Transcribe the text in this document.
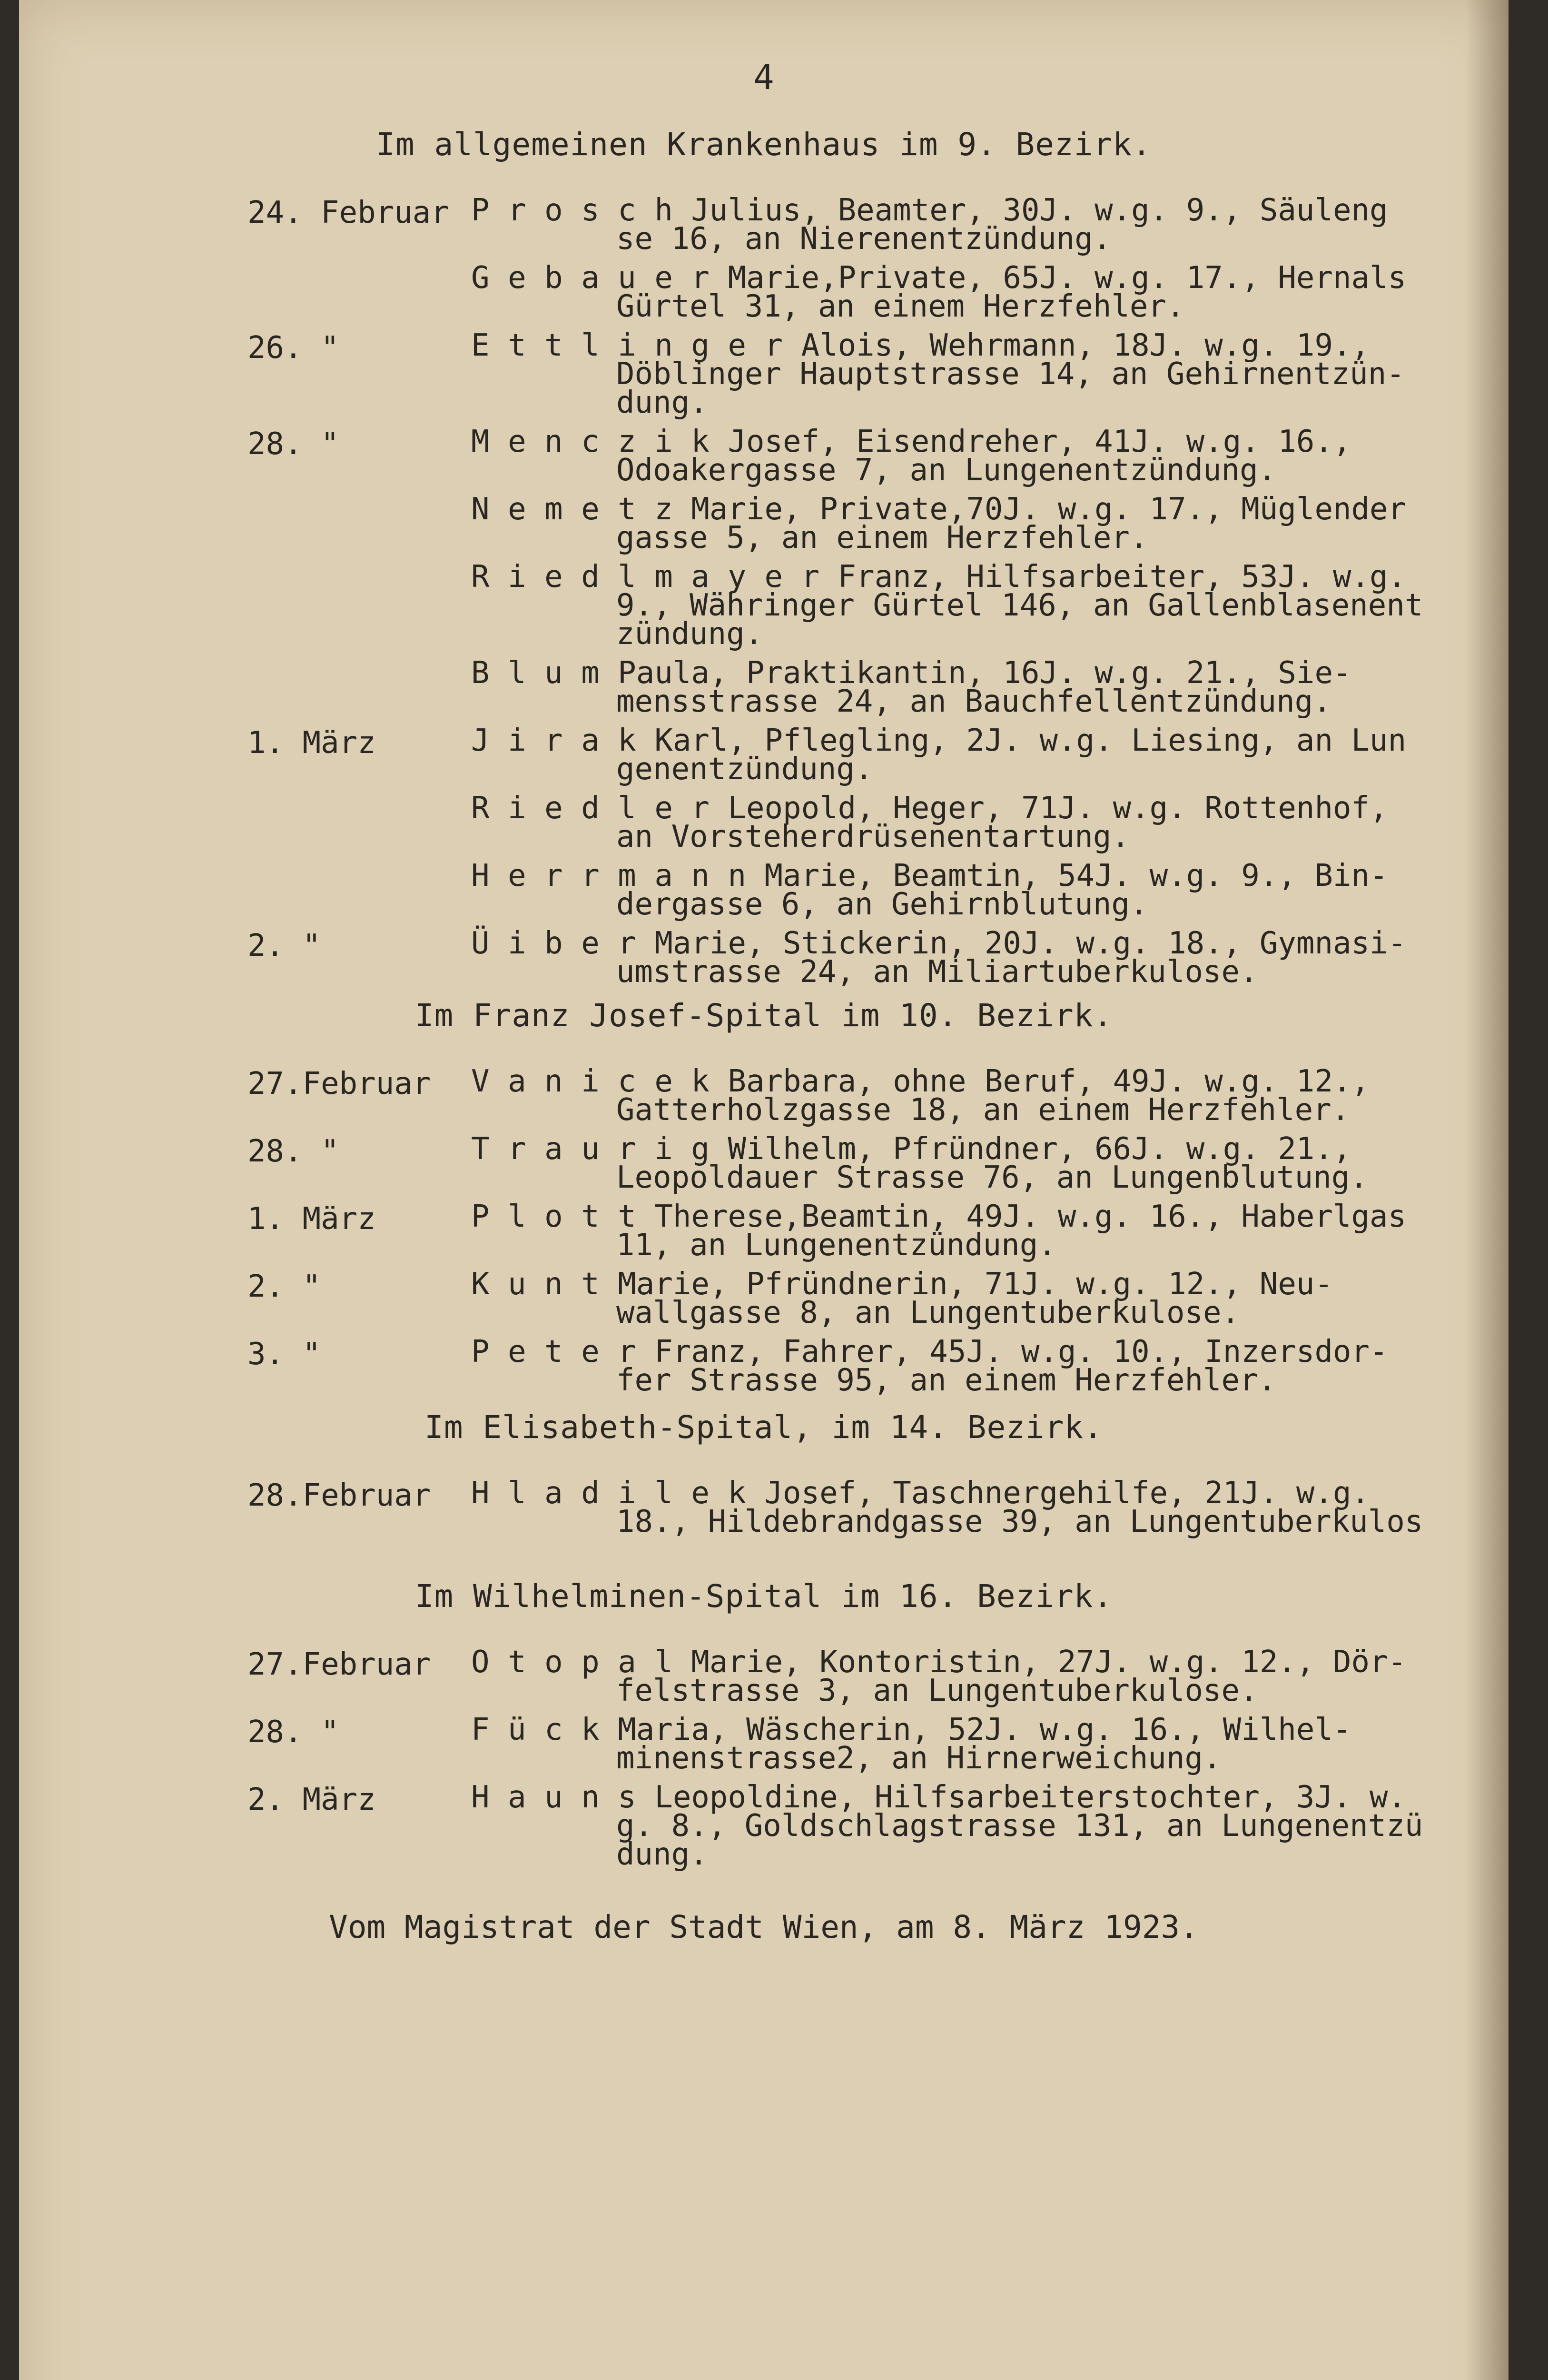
4
Vom Magistrat der Stadt Wien, am 8. März 1923.
Im allgemeinen Krankenhaus im 9. Bezirk.
24. Februar P r o s c h Julius, Beamter, 30J. w.g. 9., Säuleng
se 16, an Nierenentzündung.
G e b a u e r Marie,Private, 65J. w.g. 17., Hernals
Gürtel 31, an einem Herzfehler.
26. "	E t t l i n g e r Alois, Wehrmann, 18J. w.g. 19.,
Döblinger Hauptstrasse 14, an Gehirnentzün-
dung.
28. "	M e n c z i k Josef, Eisendreher, 41J. w.g. 16.,
Odoakergasse 7, an Lungenentzündung.
N e m e t z Marie, Private,70J. w.g. 17., Müglender
gasse 5, an einem Herzfehler.
R i e d l m a y e r Franz, Hilfsarbeiter, 53J. w.g.
9., Währinger Gürtel 146, an Gallenblasenent
zündung.
B l u m Paula, Praktikantin, 16J. w.g. 21., Sie-
mensstrasse 24, an Bauchfellentzündung.
1. März	J i r a k Karl, Pflegling, 2J. w.g. Liesing, an Lun
genentzündung.
R i e d l e r Leopold, Heger, 71J. w.g. Rottenhof,
an Vorsteherdrüsenentartung.
H e r r m a n n Marie, Beamtin, 54J. w.g. 9., Bin-
dergasse 6, an Gehirnblutung.
2. "	Ü i b e r Marie, Stickerin, 20J. w.g. 18., Gymnasi-
umstrasse 24, an Miliartuberkulose.
Im Franz Josef-Spital im 10. Bezirk.
27.Februar V a n i c e k Barbara, ohne Beruf, 49J. w.g. 12.,
Gatterholzgasse 18, an einem Herzfehler.
28. "	T r a u r i g Wilhelm, Pfründner, 66J. w.g. 21.,
Leopoldauer Strasse 76, an Lungenblutung.
1. März	P l o t t Therese,Beamtin, 49J. w.g. 16., Haberlgas
11, an Lungenentzündung.
2. "	K u n t Marie, Pfründnerin, 71J. w.g. 12., Neu-
wallgasse 8, an Lungentuberkulose.
3. "	P e t e r Franz, Fahrer, 45J. w.g. 10., Inzersdor-
fer Strasse 95, an einem Herzfehler.
Im Elisabeth-Spital, im 14. Bezirk.
28.Februar H l a d i l e k Josef, Taschnergehilfe, 21J. w.g.
18., Hildebrandgasse 39, an Lungentuberkulos
Im Wilhelminen-Spital im 16. Bezirk.
27.Februar O t o p a l Marie, Kontoristin, 27J. w.g. 12., Dör-
felstrasse 3, an Lungentuberkulose.
28. "	F ü c k Maria, Wäscherin, 52J. w.g. 16., Wilhel-
minenstrasse2, an Hirnerweichung.
2. März	H a u n s Leopoldine, Hilfsarbeiterstochter, 3J. w.
g. 8., Goldschlagstrasse 131, an Lungenentzü
dung.
